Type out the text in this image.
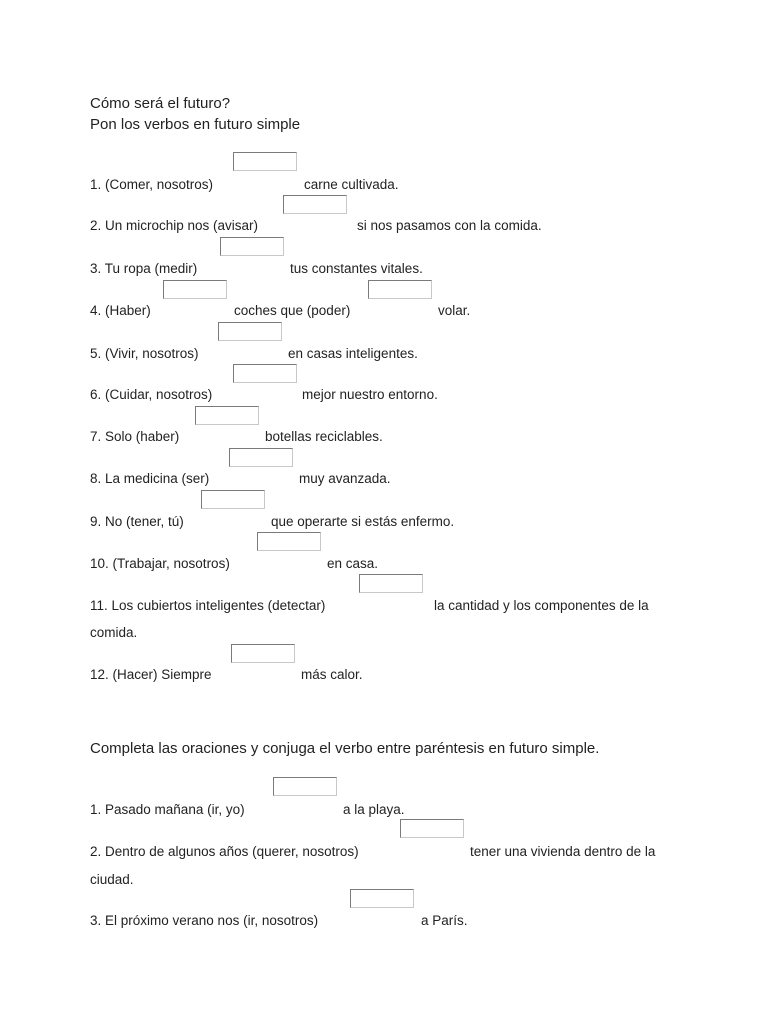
Cómo será el futuro?
Pon los verbos en futuro simple
1. (Comer, nosotros)	carne cultivada.
2. Un microchip nos (avisar)	si nos pasamos con la comida.
3. Tu ropa (medir)	tus constantes vitales.
4. (Haber)	coches que (poder)	volar.
5. (Vivir, nosotros)	en casas inteligentes.
6. (Cuidar, nosotros)	mejor nuestro entorno.
7. Solo (haber)	botellas reciclables.
8. La medicina (ser)	muy avanzada.
9. No (tener, tú)	que operarte si estás enfermo.
10. (Trabajar, nosotros)	en casa.
11. Los cubiertos inteligentes (detectar)	la cantidad y los componentes de la
comida.
12. (Hacer) Siempre	más calor.
Completa las oraciones y conjuga el verbo entre paréntesis en futuro simple.
1. Pasado mañana (ir, yo)	a la playa.
2. Dentro de algunos años (querer, nosotros)	tener una vivienda dentro de la
ciudad.
3. El próximo verano nos (ir, nosotros)	a París.
